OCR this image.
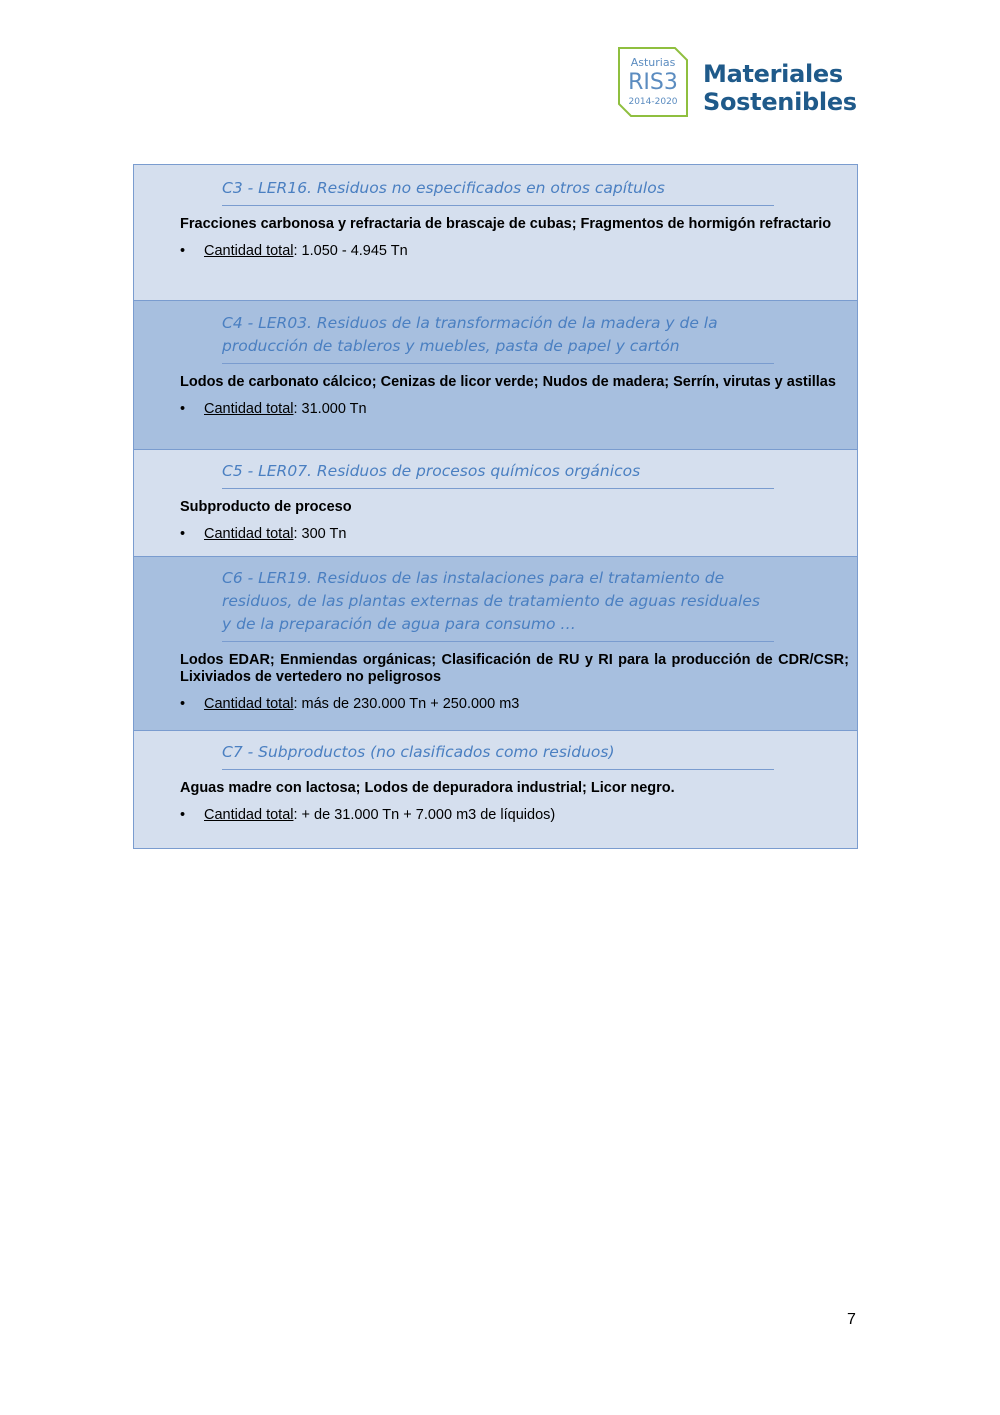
Asturias
RIS3
2014-2020
Materiales
Sostenibles
C3 - LER16. Residuos no especificados en otros capítulos
Fracciones carbonosa y refractaria de brascaje de cubas; Fragmentos de hormigón refractario
• Cantidad total: 1.050 - 4.945 Tn
C4 - LER03. Residuos de la transformación de la madera y de la producción de tableros y muebles, pasta de papel y cartón
Lodos de carbonato cálcico; Cenizas de licor verde; Nudos de madera; Serrín, virutas y astillas
• Cantidad total: 31.000 Tn
C5 - LER07. Residuos de procesos químicos orgánicos
Subproducto de proceso
• Cantidad total: 300 Tn
C6 - LER19. Residuos de las instalaciones para el tratamiento de residuos, de las plantas externas de tratamiento de aguas residuales y de la preparación de agua para consumo …
Lodos EDAR; Enmiendas orgánicas; Clasificación de RU y RI para la producción de CDR/CSR; Lixiviados de vertedero no peligrosos
• Cantidad total: más de 230.000 Tn + 250.000 m3
C7 - Subproductos (no clasificados como residuos)
Aguas madre con lactosa; Lodos de depuradora industrial; Licor negro.
• Cantidad total: + de 31.000 Tn + 7.000 m3 de líquidos)
7
